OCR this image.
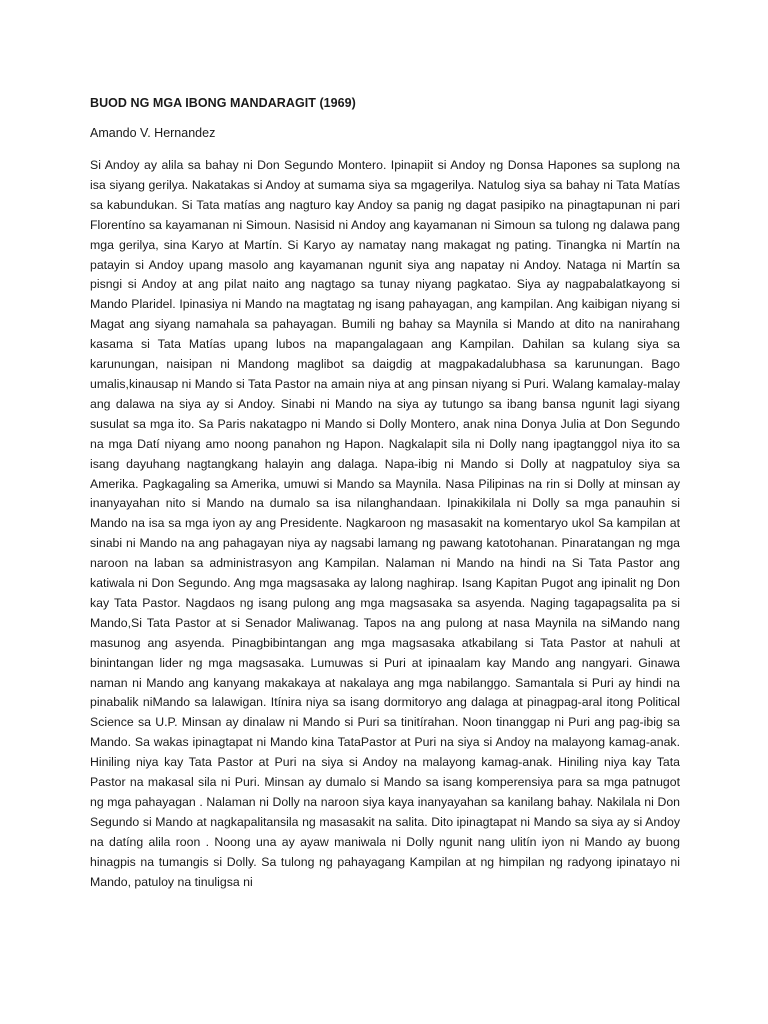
BUOD NG MGA IBONG MANDARAGIT (1969)

Amando V. Hernandez

Si Andoy ay alila sa bahay ni Don Segundo Montero. Ipinapiit si Andoy ng Donsa Hapones sa suplong na isa siyang gerilya. Nakatakas si Andoy at sumama siya sa mgagerilya. Natulog siya sa bahay ni Tata Matías sa kabundukan. Si Tata matías ang nagturo kay Andoy sa panig ng dagat pasipiko na pinagtapunan ni pari Florentíno sa kayamanan ni Simoun. Nasisid ni Andoy ang kayamanan ni Simoun sa tulong ng dalawa pang mga gerilya, sina Karyo at Martín. Si Karyo ay namatay nang makagat ng pating. Tinangka ni Martín na patayin si Andoy upang masolo ang kayamanan ngunit siya ang napatay ni Andoy. Nataga ni Martín sa pisngi si Andoy at ang pilat naito ang nagtago sa tunay niyang pagkatao. Siya ay nagpabalatkayong si Mando Plaridel. Ipinasiya ni Mando na magtatag ng isang pahayagan, ang kampilan. Ang kaibigan niyang si Magat ang siyang namahala sa pahayagan. Bumili ng bahay sa Maynila si Mando at dito na nanirahang kasama si Tata Matías upang lubos na mapangalagaan ang Kampilan. Dahilan sa kulang siya sa karunungan, naisipan ni Mandong maglibot sa daigdig at magpakadalubhasa sa karunungan. Bago umalis,kinausap ni Mando si Tata Pastor na amain niya at ang pinsan niyang si Puri. Walang kamalay-malay ang dalawa na siya ay si Andoy. Sinabi ni Mando na siya ay tutungo sa ibang bansa ngunit lagi siyang susulat sa mga ito. Sa Paris nakatagpo ni Mando si Dolly Montero, anak nina Donya Julia at Don Segundo na mga Datí niyang amo noong panahon ng Hapon. Nagkalapit sila ni Dolly nang ipagtanggol niya ito sa isang dayuhang nagtangkang halayin ang dalaga. Napa-ibig ni Mando si Dolly at nagpatuloy siya sa Amerika. Pagkagaling sa Amerika, umuwi si Mando sa Maynila. Nasa Pilipinas na rin si Dolly at minsan ay inanyayahan nito si Mando na dumalo sa isa nilanghandaan. Ipinakikilala ni Dolly sa mga panauhin si Mando na isa sa mga iyon ay ang Presidente. Nagkaroon ng masasakit na komentaryo ukol Sa kampilan at sinabi ni Mando na ang pahagayan niya ay nagsabi lamang ng pawang katotohanan. Pinaratangan ng mga naroon na laban sa administrasyon ang Kampilan. Nalaman ni Mando na hindi na Si Tata Pastor ang katiwala ni Don Segundo. Ang mga magsasaka ay lalong naghirap. Isang Kapitan Pugot ang ipinalit ng Don kay Tata Pastor. Nagdaos ng isang pulong ang mga magsasaka sa asyenda. Naging tagapagsalita pa si Mando,Si Tata Pastor at si Senador Maliwanag. Tapos na ang pulong at nasa Maynila na siMando nang masunog ang asyenda. Pinagbibintangan ang mga magsasaka atkabilang si Tata Pastor at nahuli at binintangan lider ng mga magsasaka. Lumuwas si Puri at ipinaalam kay Mando ang nangyari. Ginawa naman ni Mando ang kanyang makakaya at nakalaya ang mga nabilanggo. Samantala si Puri ay hindi na pinabalik niMando sa lalawigan. Itínira niya sa isang dormitoryo ang dalaga at pinagpag-aral itong Political Science sa U.P. Minsan ay dinalaw ni Mando si Puri sa tinitírahan. Noon tinanggap ni Puri ang pag-ibig sa Mando. Sa wakas ipinagtapat ni Mando kina TataPastor at Puri na siya si Andoy na malayong kamag-anak. Hiniling niya kay Tata Pastor at Puri na siya si Andoy na malayong kamag-anak. Hiniling niya kay Tata Pastor na makasal sila ni Puri. Minsan ay dumalo si Mando sa isang komperensiya para sa mga patnugot ng mga pahayagan . Nalaman ni Dolly na naroon siya kaya inanyayahan sa kanilang bahay. Nakilala ni Don Segundo si Mando at nagkapalitansila ng masasakit na salita. Dito ipinagtapat ni Mando sa siya ay si Andoy na datíng alila roon . Noong una ay ayaw maniwala ni Dolly ngunit nang ulitín iyon ni Mando ay buong hinagpis na tumangis si Dolly. Sa tulong ng pahayagang Kampilan at ng himpilan ng radyong ipinatayo ni Mando, patuloy na tinuligsa ni
